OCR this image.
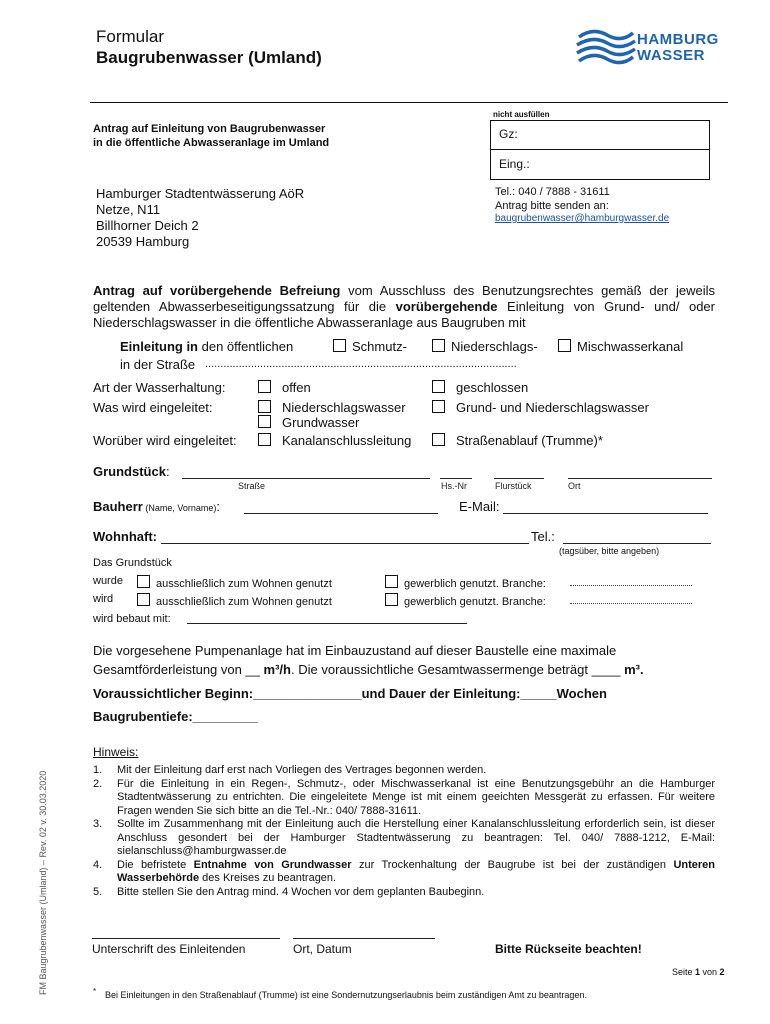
Formular
Baugrubenwasser (Umland)
HAMBURG
WASSER
nicht ausfüllen
Gz:
Eing.:
Antrag auf Einleitung von Baugrubenwasser
in die öffentliche Abwasseranlage im Umland
Hamburger Stadtentwässerung AöR
Netze, N11
Billhorner Deich 2
20539 Hamburg
Tel.: 040 / 7888 - 31611
Antrag bitte senden an:
baugrubenwasser@hamburgwasser.de
Antrag auf vorübergehende Befreiung vom Ausschluss des Benutzungsrechtes gemäß der jeweils geltenden Abwasserbeseitigungssatzung für die vorübergehende Einleitung von Grund- und/ oder Niederschlagswasser in die öffentliche Abwasseranlage aus Baugruben mit
Einleitung in den öffentlichen	Schmutz-	Niederschlags-	Mischwasserkanal
in der Straße ......................................................................................................
Art der Wasserhaltung:	offen	geschlossen
Was wird eingeleitet:	Niederschlagswasser	Grund- und Niederschlagswasser
Grundwasser
Worüber wird eingeleitet:	Kanalanschlussleitung	Straßenablauf (Trumme)*
Grundstück:
Straße	Hs.-Nr	Flurstück	Ort
Bauherr (Name, Vorname):	E-Mail:
Wohnhaft:	Tel.:
(tagsüber, bitte angeben)
Das Grundstück
wurde	ausschließlich zum Wohnen genutzt	gewerblich genutzt. Branche:
wird	ausschließlich zum Wohnen genutzt	gewerblich genutzt. Branche:
wird bebaut mit:
Die vorgesehene Pumpenanlage hat im Einbauzustand auf dieser Baustelle eine maximale
Gesamtförderleistung von __ m³/h. Die voraussichtliche Gesamtwassermenge beträgt ____ m³.
Voraussichtlicher Beginn:_______________und Dauer der Einleitung:_____Wochen
Baugrubentiefe:_________
Hinweis:
1. Mit der Einleitung darf erst nach Vorliegen des Vertrages begonnen werden.
2. Für die Einleitung in ein Regen-, Schmutz-, oder Mischwasserkanal ist eine Benutzungsgebühr an die Hamburger Stadtentwässerung zu entrichten. Die eingeleitete Menge ist mit einem geeichten Messgerät zu erfassen. Für weitere Fragen wenden Sie sich bitte an die Tel.-Nr.: 040/ 7888-31611.
3. Sollte im Zusammenhang mit der Einleitung auch die Herstellung einer Kanalanschlussleitung erforderlich sein, ist dieser Anschluss gesondert bei der Hamburger Stadtentwässerung zu beantragen: Tel. 040/ 7888-1212, E-Mail: sielanschluss@hamburgwasser.de
4. Die befristete Entnahme von Grundwasser zur Trockenhaltung der Baugrube ist bei der zuständigen Unteren Wasserbehörde des Kreises zu beantragen.
5. Bitte stellen Sie den Antrag mind. 4 Wochen vor dem geplanten Baubeginn.
Unterschrift des Einleitenden	Ort, Datum	Bitte Rückseite beachten!
Seite 1 von 2
* Bei Einleitungen in den Straßenablauf (Trumme) ist eine Sondernutzungserlaubnis beim zuständigen Amt zu beantragen.
FM Baugrubenwasser (Umland) – Rev. 02 v. 30.03.2020
